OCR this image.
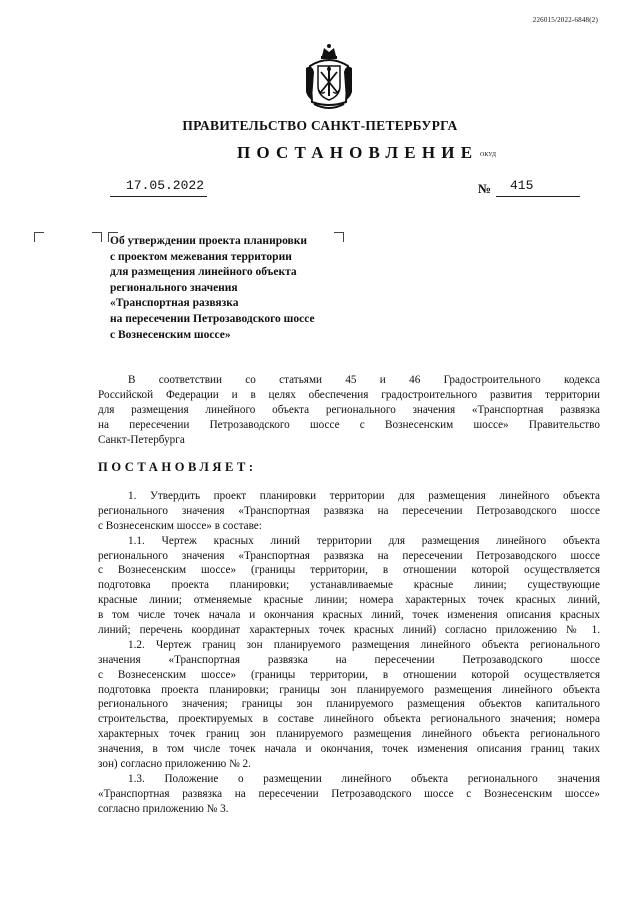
226015/2022-6848(2)
ПРАВИТЕЛЬСТВО САНКТ-ПЕТЕРБУРГА
ПОСТАНОВЛЕНИЕ ОКУД
17.05.2022	№ 415
Об утверждении проекта планировки
с проектом межевания территории
для размещения линейного объекта
регионального значения
«Транспортная развязка
на пересечении Петрозаводского шоссе
с Вознесенским шоссе»
В соответствии со статьями 45 и 46 Градостроительного кодекса
Российской Федерации и в целях обеспечения градостроительного развития территории
для размещения линейного объекта регионального значения «Транспортная развязка
на пересечении Петрозаводского шоссе с Вознесенским шоссе» Правительство
Санкт-Петербурга
ПОСТАНОВЛЯЕТ:
1. Утвердить проект планировки территории для размещения линейного объекта
регионального значения «Транспортная развязка на пересечении Петрозаводского шоссе
с Вознесенским шоссе» в составе:
1.1. Чертеж красных линий территории для размещения линейного объекта
регионального значения «Транспортная развязка на пересечении Петрозаводского шоссе
с Вознесенским шоссе» (границы территории, в отношении которой осуществляется
подготовка проекта планировки; устанавливаемые красные линии; существующие
красные линии; отменяемые красные линии; номера характерных точек красных линий,
в том числе точек начала и окончания красных линий, точек изменения описания красных
линий; перечень координат характерных точек красных линий) согласно приложению № 1.
1.2. Чертеж границ зон планируемого размещения линейного объекта регионального
значения «Транспортная развязка на пересечении Петрозаводского шоссе
с Вознесенским шоссе» (границы территории, в отношении которой осуществляется
подготовка проекта планировки; границы зон планируемого размещения линейного объекта
регионального значения; границы зон планируемого размещения объектов капитального
строительства, проектируемых в составе линейного объекта регионального значения; номера
характерных точек границ зон планируемого размещения линейного объекта регионального
значения, в том числе точек начала и окончания, точек изменения описания границ таких
зон) согласно приложению № 2.
1.3. Положение о размещении линейного объекта регионального значения
«Транспортная развязка на пересечении Петрозаводского шоссе с Вознесенским шоссе»
согласно приложению № 3.
